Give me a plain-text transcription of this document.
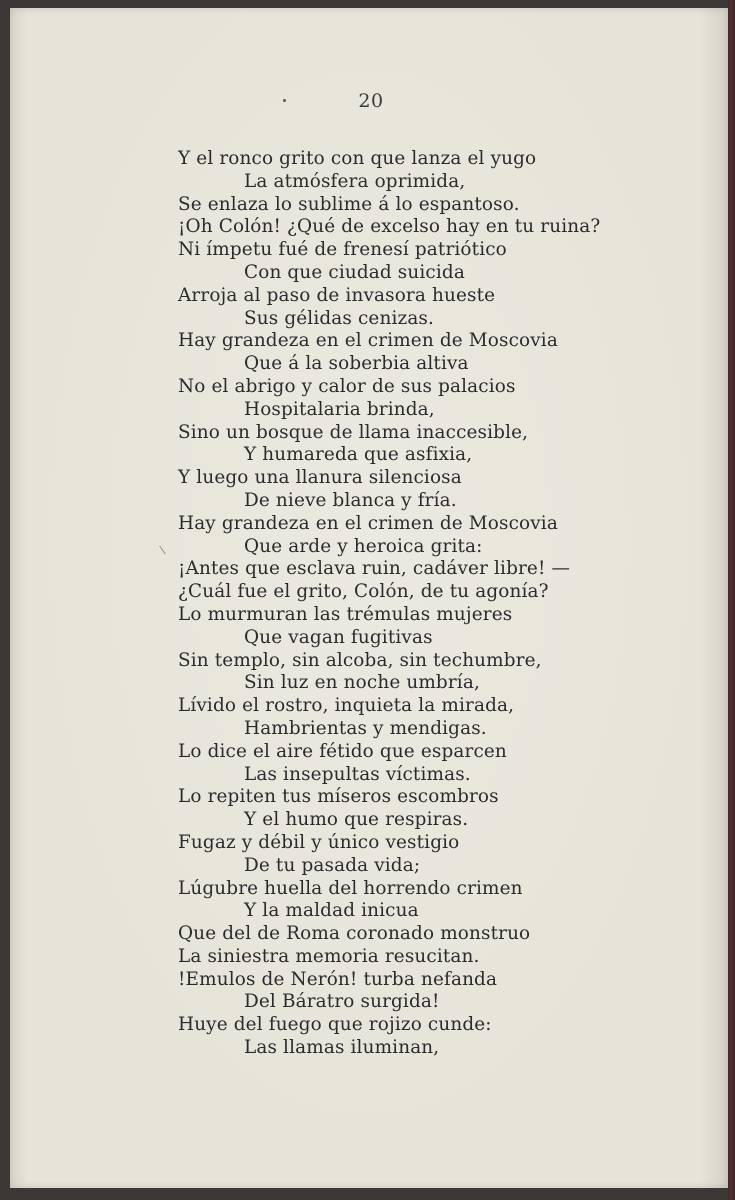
20
Y el ronco grito con que lanza el yugo
La atmósfera oprimida,
Se enlaza lo sublime á lo espantoso.
¡Oh Colón! ¿Qué de excelso hay en tu ruina?
Ni ímpetu fué de frenesí patriótico
Con que ciudad suicida
Arroja al paso de invasora hueste
Sus gélidas cenizas.
Hay grandeza en el crimen de Moscovia
Que á la soberbia altiva
No el abrigo y calor de sus palacios
Hospitalaria brinda,
Sino un bosque de llama inaccesible,
Y humareda que asfixia,
Y luego una llanura silenciosa
De nieve blanca y fría.
Hay grandeza en el crimen de Moscovia
Que arde y heroica grita:
¡Antes que esclava ruin, cadáver libre! —
¿Cuál fue el grito, Colón, de tu agonía?
Lo murmuran las trémulas mujeres
Que vagan fugitivas
Sin templo, sin alcoba, sin techumbre,
Sin luz en noche umbría,
Lívido el rostro, inquieta la mirada,
Hambrientas y mendigas.
Lo dice el aire fétido que esparcen
Las insepultas víctimas.
Lo repiten tus míseros escombros
Y el humo que respiras.
Fugaz y débil y único vestigio
De tu pasada vida;
Lúgubre huella del horrendo crimen
Y la maldad inicua
Que del de Roma coronado monstruo
La siniestra memoria resucitan.
!Emulos de Nerón! turba nefanda
Del Báratro surgida!
Huye del fuego que rojizo cunde:
Las llamas iluminan,
